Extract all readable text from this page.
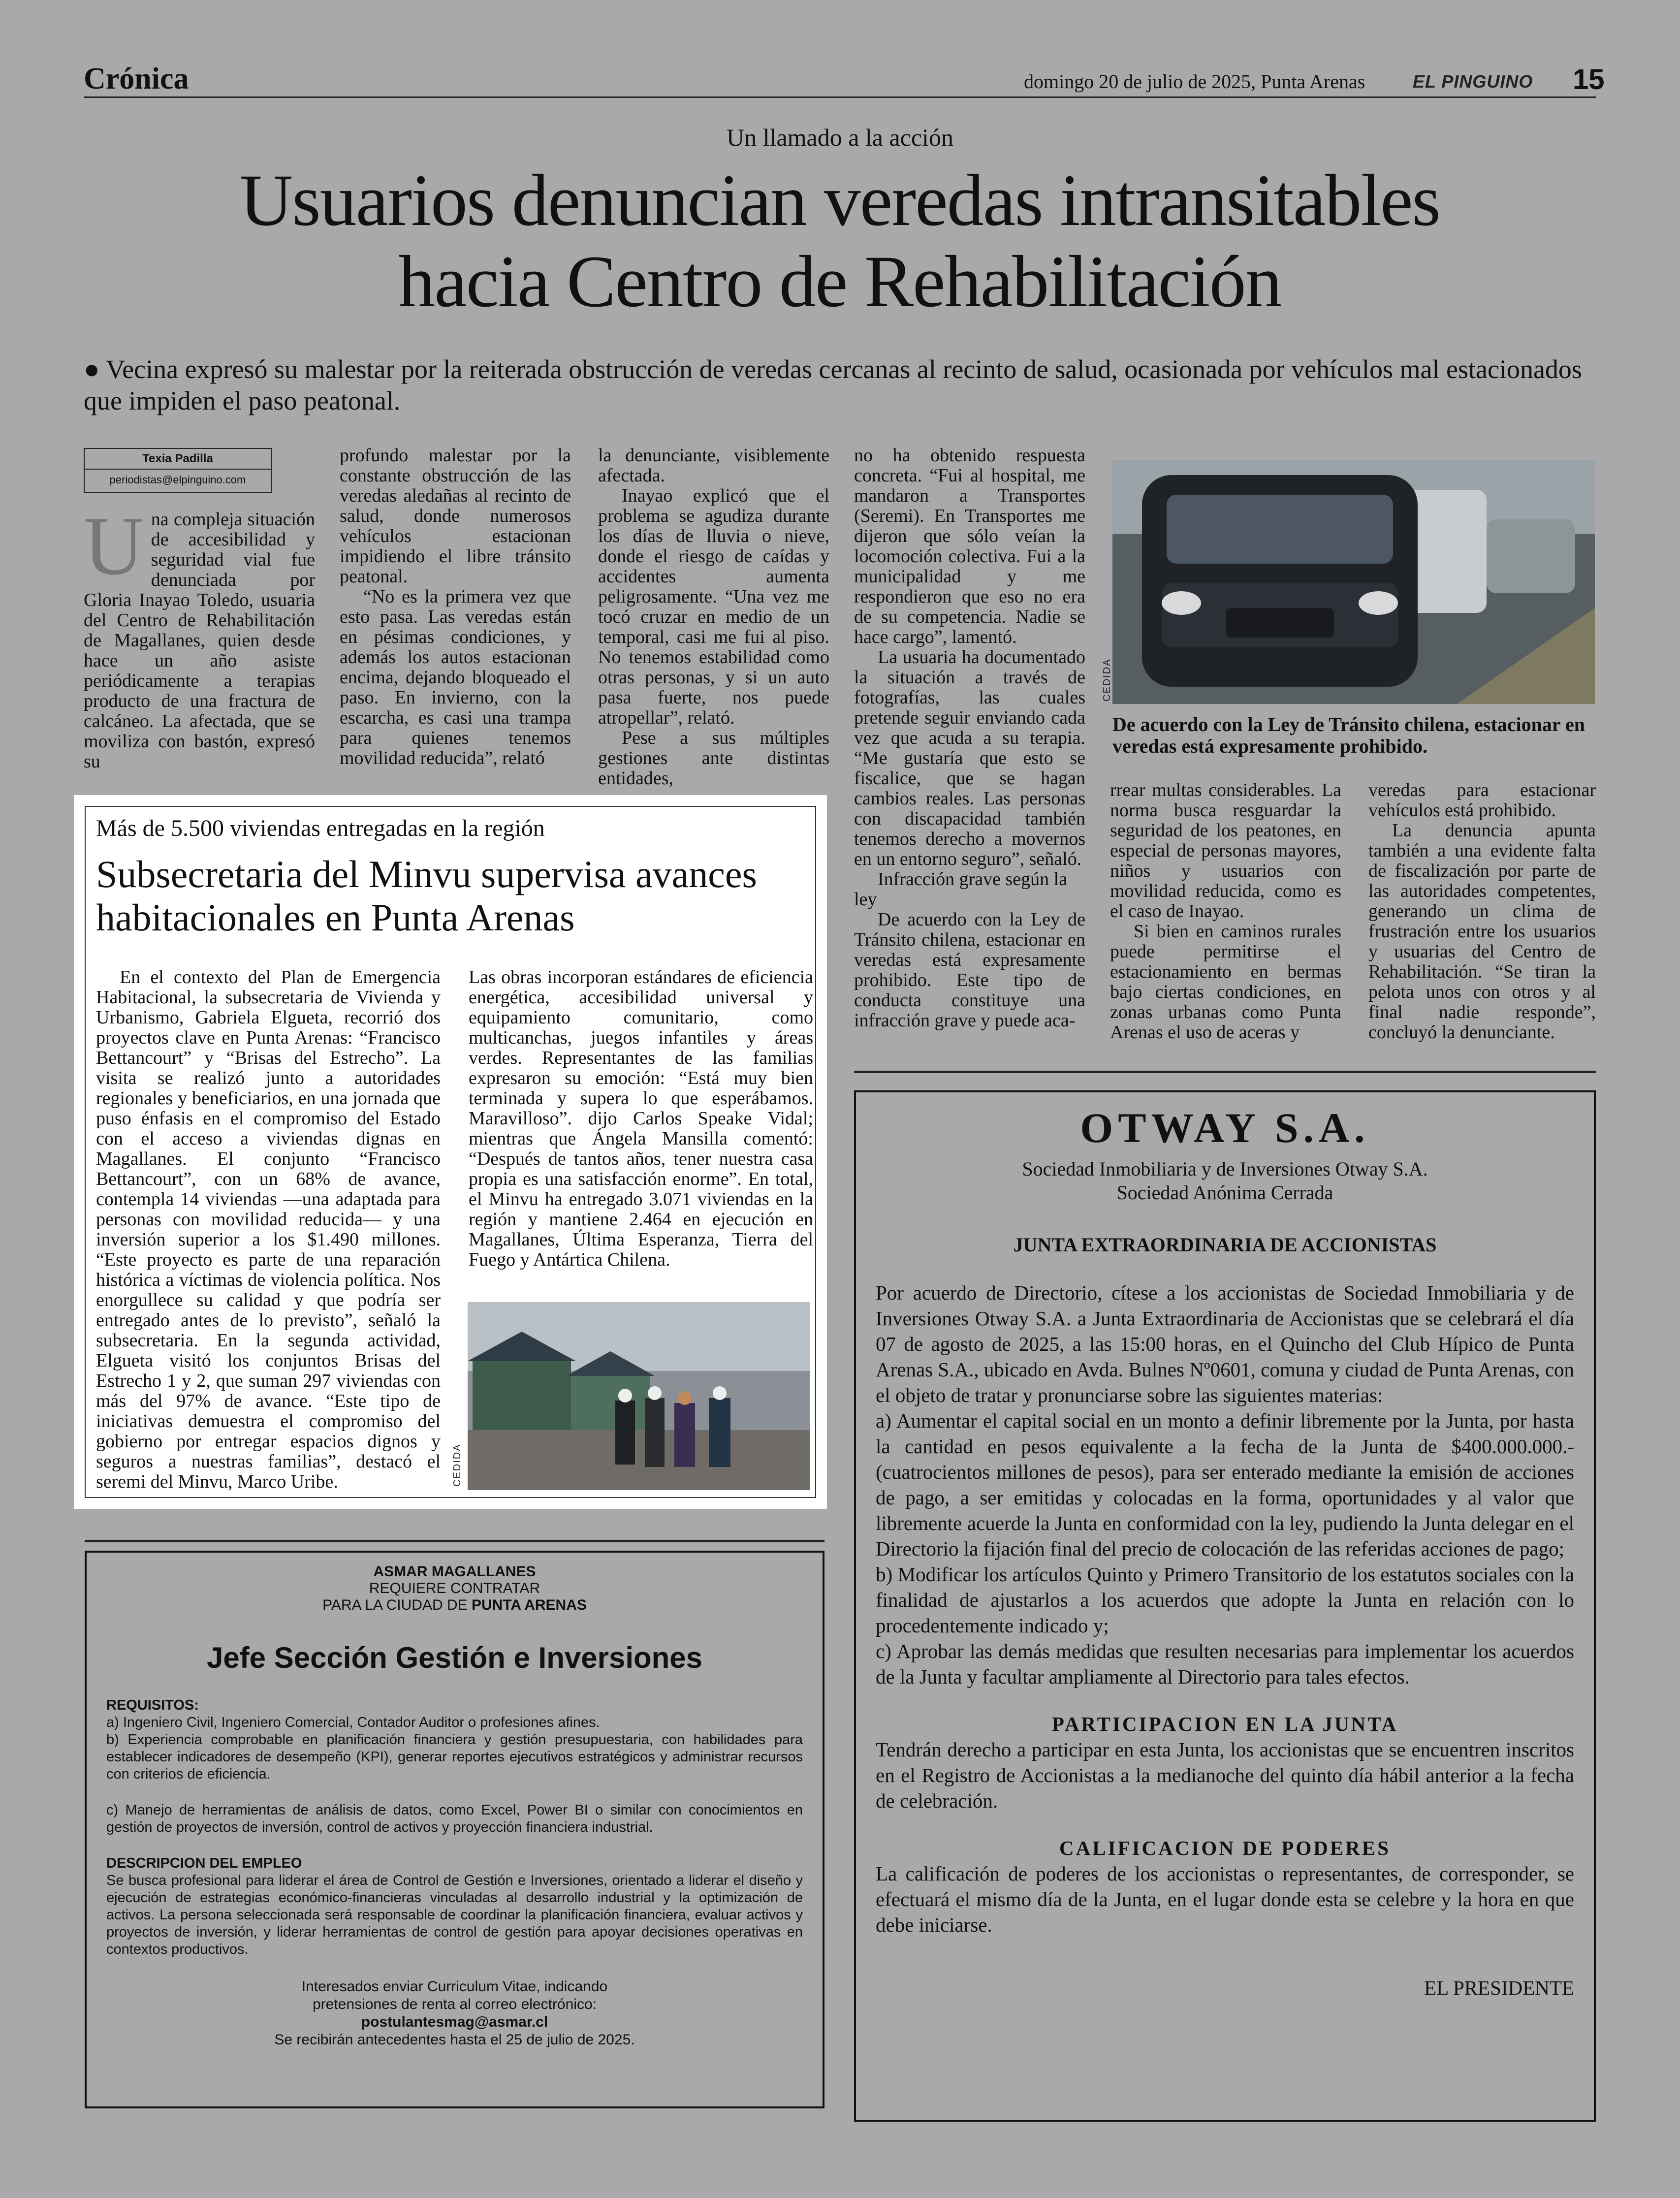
Crónica	domingo 20 de julio de 2025, Punta Arenas	EL PINGUINO 15
Un llamado a la acción
Usuarios denuncian veredas intransitables
hacia Centro de Rehabilitación
● Vecina expresó su malestar por la reiterada obstrucción de veredas cercanas al recinto de salud, ocasionada por vehículos mal estacionados que impiden el paso peatonal.
Texia Padilla
periodistas@elpinguino.com
U na compleja situación de accesibilidad y seguridad vial fue denunciada por Gloria Inayao Toledo, usuaria del Centro de Rehabilitación de Magallanes, quien desde hace un año asiste periódicamente a terapias producto de una fractura de calcáneo. La afectada, que se moviliza con bastón, expresó su

profundo malestar por la constante obstrucción de las veredas aledañas al recinto de salud, donde numerosos vehículos estacionan impidiendo el libre tránsito peatonal.

“No es la primera vez que esto pasa. Las veredas están en pésimas condiciones, y además los autos estacionan encima, dejando bloqueado el paso. En invierno, con la escarcha, es casi una trampa para quienes tenemos movilidad reducida”, relató

la denunciante, visiblemente afectada.

Inayao explicó que el problema se agudiza durante los días de lluvia o nieve, donde el riesgo de caídas y accidentes aumenta peligrosamente. “Una vez me tocó cruzar en medio de un temporal, casi me fui al piso. No tenemos estabilidad como otras personas, y si un auto pasa fuerte, nos puede atropellar”, relató.

Pese a sus múltiples gestiones ante distintas entidades,

no ha obtenido respuesta concreta. “Fui al hospital, me mandaron a Transportes (Seremi). En Transportes me dijeron que sólo veían la locomoción colectiva. Fui a la municipalidad y me respondieron que eso no era de su competencia. Nadie se hace cargo”, lamentó.

La usuaria ha documentado la situación a través de fotografías, las cuales pretende seguir enviando cada vez que acuda a su terapia. “Me gustaría que esto se fiscalice, que se hagan cambios reales. Las personas con discapacidad también tenemos derecho a movernos en un entorno seguro”, señaló.

Infracción grave según la ley

De acuerdo con la Ley de Tránsito chilena, estacionar en veredas está expresamente prohibido. Este tipo de conducta constituye una infracción grave y puede aca-

CEDIDA
De acuerdo con la Ley de Tránsito chilena, estacionar en veredas está expresamente prohibido.

rrear multas considerables. La norma busca resguardar la seguridad de los peatones, en especial de personas mayores, niños y usuarios con movilidad reducida, como es el caso de Inayao.

Si bien en caminos rurales puede permitirse el estacionamiento en bermas bajo ciertas condiciones, en zonas urbanas como Punta Arenas el uso de aceras y

veredas para estacionar vehículos está prohibido.

La denuncia apunta también a una evidente falta de fiscalización por parte de las autoridades competentes, generando un clima de frustración entre los usuarios y usuarias del Centro de Rehabilitación. “Se tiran la pelota unos con otros y al final nadie responde”, concluyó la denunciante.

Más de 5.500 viviendas entregadas en la región
Subsecretaria del Minvu supervisa avances
habitacionales en Punta Arenas

En el contexto del Plan de Emergencia Habitacional, la subsecretaria de Vivienda y Urbanismo, Gabriela Elgueta, recorrió dos proyectos clave en Punta Arenas: “Francisco Bettancourt” y “Brisas del Estrecho”. La visita se realizó junto a autoridades regionales y beneficiarios, en una jornada que puso énfasis en el compromiso del Estado con el acceso a viviendas dignas en Magallanes. El conjunto “Francisco Bettancourt”, con un 68% de avance, contempla 14 viviendas —una adaptada para personas con movilidad reducida— y una inversión superior a los $1.490 millones. “Este proyecto es parte de una reparación histórica a víctimas de violencia política. Nos enorgullece su calidad y que podría ser entregado antes de lo previsto”, señaló la subsecretaria. En la segunda actividad, Elgueta visitó los conjuntos Brisas del Estrecho 1 y 2, que suman 297 viviendas con más del 97% de avance. “Este tipo de iniciativas demuestra el compromiso del gobierno por entregar espacios dignos y seguros a nuestras familias”, destacó el seremi del Minvu, Marco Uribe.

Las obras incorporan estándares de eficiencia energética, accesibilidad universal y equipamiento comunitario, como multicanchas, juegos infantiles y áreas verdes. Representantes de las familias expresaron su emoción: “Está muy bien terminada y supera lo que esperábamos. Maravilloso”. dijo Carlos Speake Vidal; mientras que Ángela Mansilla comentó: “Después de tantos años, tener nuestra casa propia es una satisfacción enorme”. En total, el Minvu ha entregado 3.071 viviendas en la región y mantiene 2.464 en ejecución en Magallanes, Última Esperanza, Tierra del Fuego y Antártica Chilena.

CEDIDA
ASMAR MAGALLANES
REQUIERE CONTRATAR
PARA LA CIUDAD DE PUNTA ARENAS
Jefe Sección Gestión e Inversiones
REQUISITOS:
a) Ingeniero Civil, Ingeniero Comercial, Contador Auditor o profesiones afines.
b) Experiencia comprobable en planificación financiera y gestión presupuestaria, con habilidades para establecer indicadores de desempeño (KPI), generar reportes ejecutivos estratégicos y administrar recursos con criterios de eficiencia.
c) Manejo de herramientas de análisis de datos, como Excel, Power BI o similar con conocimientos en gestión de proyectos de inversión, control de activos y proyección financiera industrial.
DESCRIPCION DEL EMPLEO
Se busca profesional para liderar el área de Control de Gestión e Inversiones, orientado a liderar el diseño y ejecución de estrategias económico-financieras vinculadas al desarrollo industrial y la optimización de activos. La persona seleccionada será responsable de coordinar la planificación financiera, evaluar activos y proyectos de inversión, y liderar herramientas de control de gestión para apoyar decisiones operativas en contextos productivos.
Interesados enviar Curriculum Vitae, indicando
pretensiones de renta al correo electrónico:
postulantesmag@asmar.cl
Se recibirán antecedentes hasta el 25 de julio de 2025.
OTWAY S.A.
Sociedad Inmobiliaria y de Inversiones Otway S.A.
Sociedad Anónima Cerrada
JUNTA EXTRAORDINARIA DE ACCIONISTAS
Por acuerdo de Directorio, cítese a los accionistas de Sociedad Inmobiliaria y de Inversiones Otway S.A. a Junta Extraordinaria de Accionistas que se celebrará el día 07 de agosto de 2025, a las 15:00 horas, en el Quincho del Club Hípico de Punta Arenas S.A., ubicado en Avda. Bulnes Nº0601, comuna y ciudad de Punta Arenas, con el objeto de tratar y pronunciarse sobre las siguientes materias:
a) Aumentar el capital social en un monto a definir libremente por la Junta, por hasta la cantidad en pesos equivalente a la fecha de la Junta de $400.000.000.- (cuatrocientos millones de pesos), para ser enterado mediante la emisión de acciones de pago, a ser emitidas y colocadas en la forma, oportunidades y al valor que libremente acuerde la Junta en conformidad con la ley, pudiendo la Junta delegar en el Directorio la fijación final del precio de colocación de las referidas acciones de pago;
b) Modificar los artículos Quinto y Primero Transitorio de los estatutos sociales con la finalidad de ajustarlos a los acuerdos que adopte la Junta en relación con lo procedentemente indicado y;
c) Aprobar las demás medidas que resulten necesarias para implementar los acuerdos de la Junta y facultar ampliamente al Directorio para tales efectos.
PARTICIPACION EN LA JUNTA
Tendrán derecho a participar en esta Junta, los accionistas que se encuentren inscritos en el Registro de Accionistas a la medianoche del quinto día hábil anterior a la fecha de celebración.
CALIFICACION DE PODERES
La calificación de poderes de los accionistas o representantes, de corresponder, se efectuará el mismo día de la Junta, en el lugar donde esta se celebre y la hora en que debe iniciarse.
EL PRESIDENTE
